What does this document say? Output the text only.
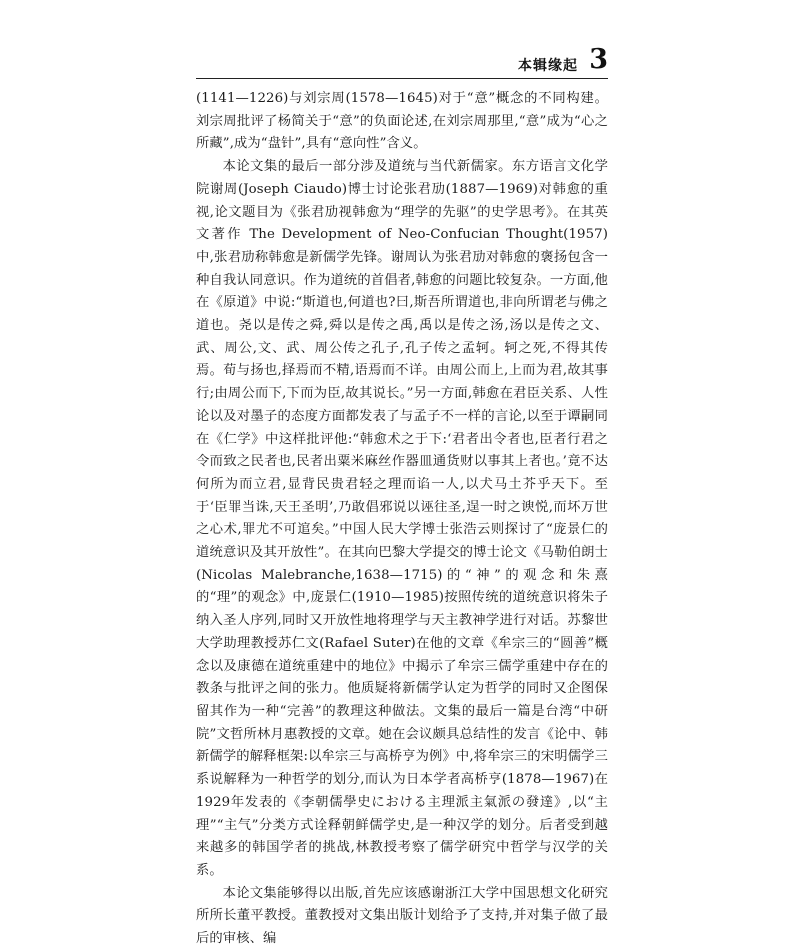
本辑缘起 3

(1141—1226)与刘宗周(1578—1645)对于“意”概念的不同构建。刘宗周批评了杨简关于“意”的负面论述,在刘宗周那里,“意”成为“心之所藏”,成为“盘针”,具有“意向性”含义。

本论文集的最后一部分涉及道统与当代新儒家。东方语言文化学院谢周(Joseph Ciaudo)博士讨论张君劢(1887—1969)对韩愈的重视,论文题目为《张君劢视韩愈为“理学的先驱”的史学思考》。在其英文著作 The Development of Neo-Confucian Thought(1957)中,张君劢称韩愈是新儒学先锋。谢周认为张君劢对韩愈的褒扬包含一种自我认同意识。作为道统的首倡者,韩愈的问题比较复杂。一方面,他在《原道》中说:“斯道也,何道也?曰,斯吾所谓道也,非向所谓老与佛之道也。尧以是传之舜,舜以是传之禹,禹以是传之汤,汤以是传之文、武、周公,文、武、周公传之孔子,孔子传之孟轲。轲之死,不得其传焉。荀与扬也,择焉而不精,语焉而不详。由周公而上,上而为君,故其事行;由周公而下,下而为臣,故其说长。”另一方面,韩愈在君臣关系、人性论以及对墨子的态度方面都发表了与孟子不一样的言论,以至于谭嗣同在《仁学》中这样批评他:“韩愈术之于下:‘君者出令者也,臣者行君之令而致之民者也,民者出粟米麻丝作器皿通货财以事其上者也。’竟不达何所为而立君,显背民贵君轻之理而谄一人,以犬马土芥乎天下。至于‘臣罪当诛,天王圣明’,乃敢倡邪说以诬往圣,逞一时之谀悦,而坏万世之心术,罪尤不可逭矣。”中国人民大学博士张浩云则探讨了“庞景仁的道统意识及其开放性”。在其向巴黎大学提交的博士论文《马勒伯朗士(Nicolas Malebranche,1638—1715)的“神”的观念和朱熹的“理”的观念》中,庞景仁(1910—1985)按照传统的道统意识将朱子纳入圣人序列,同时又开放性地将理学与天主教神学进行对话。苏黎世大学助理教授苏仁文(Rafael Suter)在他的文章《牟宗三的“圆善”概念以及康德在道统重建中的地位》中揭示了牟宗三儒学重建中存在的教条与批评之间的张力。他质疑将新儒学认定为哲学的同时又企图保留其作为一种“完善”的教理这种做法。文集的最后一篇是台湾“中研院”文哲所林月惠教授的文章。她在会议颇具总结性的发言《论中、韩新儒学的解释框架:以牟宗三与高桥亨为例》中,将牟宗三的宋明儒学三系说解释为一种哲学的划分,而认为日本学者高桥亨(1878—1967)在1929年发表的《李朝儒學史における主理派主氣派の發達》,以“主理”“主气”分类方式诠释朝鲜儒学史,是一种汉学的划分。后者受到越来越多的韩国学者的挑战,林教授考察了儒学研究中哲学与汉学的关系。

本论文集能够得以出版,首先应该感谢浙江大学中国思想文化研究所所长董平教授。董教授对文集出版计划给予了支持,并对集子做了最后的审核、编
